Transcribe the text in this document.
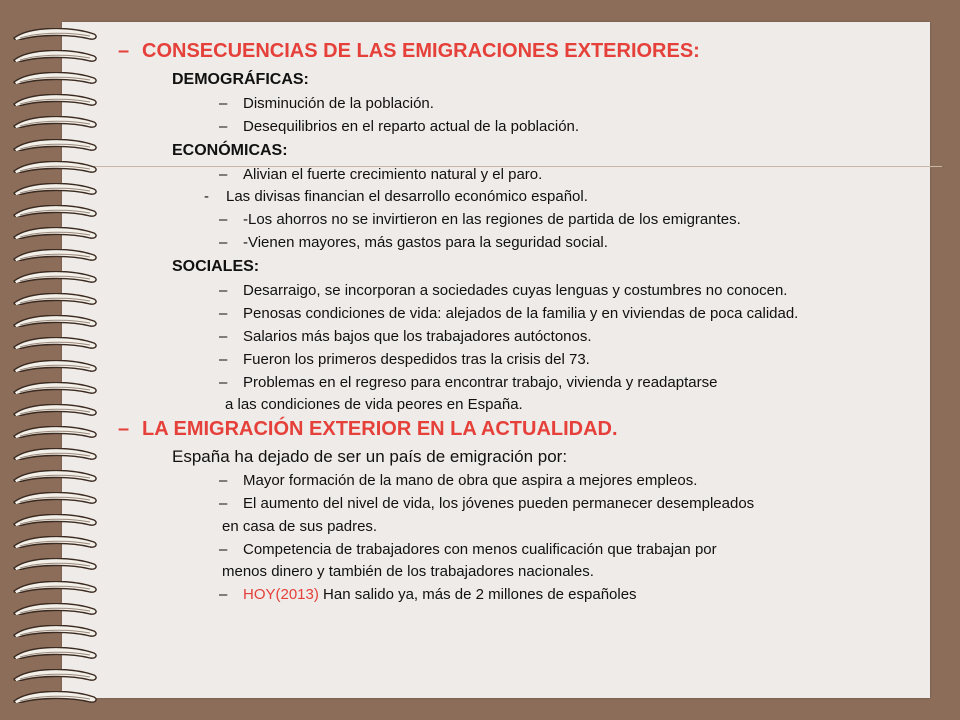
– CONSECUENCIAS DE LAS EMIGRACIONES EXTERIORES:
DEMOGRÁFICAS:
– Disminución de la población.
– Desequilibrios en el reparto actual de la población.
ECONÓMICAS:
– Alivian el fuerte crecimiento natural y el paro.
- Las divisas financian el desarrollo económico español.
– -Los ahorros no se invirtieron en las regiones de partida de los emigrantes.
– -Vienen mayores, más gastos para la seguridad social.
SOCIALES:
– Desarraigo, se incorporan a sociedades cuyas lenguas y costumbres no conocen.
– Penosas condiciones de vida: alejados de la familia y en viviendas de poca calidad.
– Salarios más bajos que los trabajadores autóctonos.
– Fueron los primeros despedidos tras la crisis del 73.
– Problemas en el regreso para encontrar trabajo, vivienda y readaptarse
a las condiciones de vida peores en España.
– LA EMIGRACIÓN EXTERIOR EN LA ACTUALIDAD.
España ha dejado de ser un país de emigración por:
– Mayor formación de la mano de obra que aspira a mejores empleos.
– El aumento del nivel de vida, los jóvenes pueden permanecer desempleados
en casa de sus padres.
– Competencia de trabajadores con menos cualificación que trabajan por
menos dinero y también de los trabajadores nacionales.
– HOY(2013) Han salido ya, más de 2 millones de españoles
